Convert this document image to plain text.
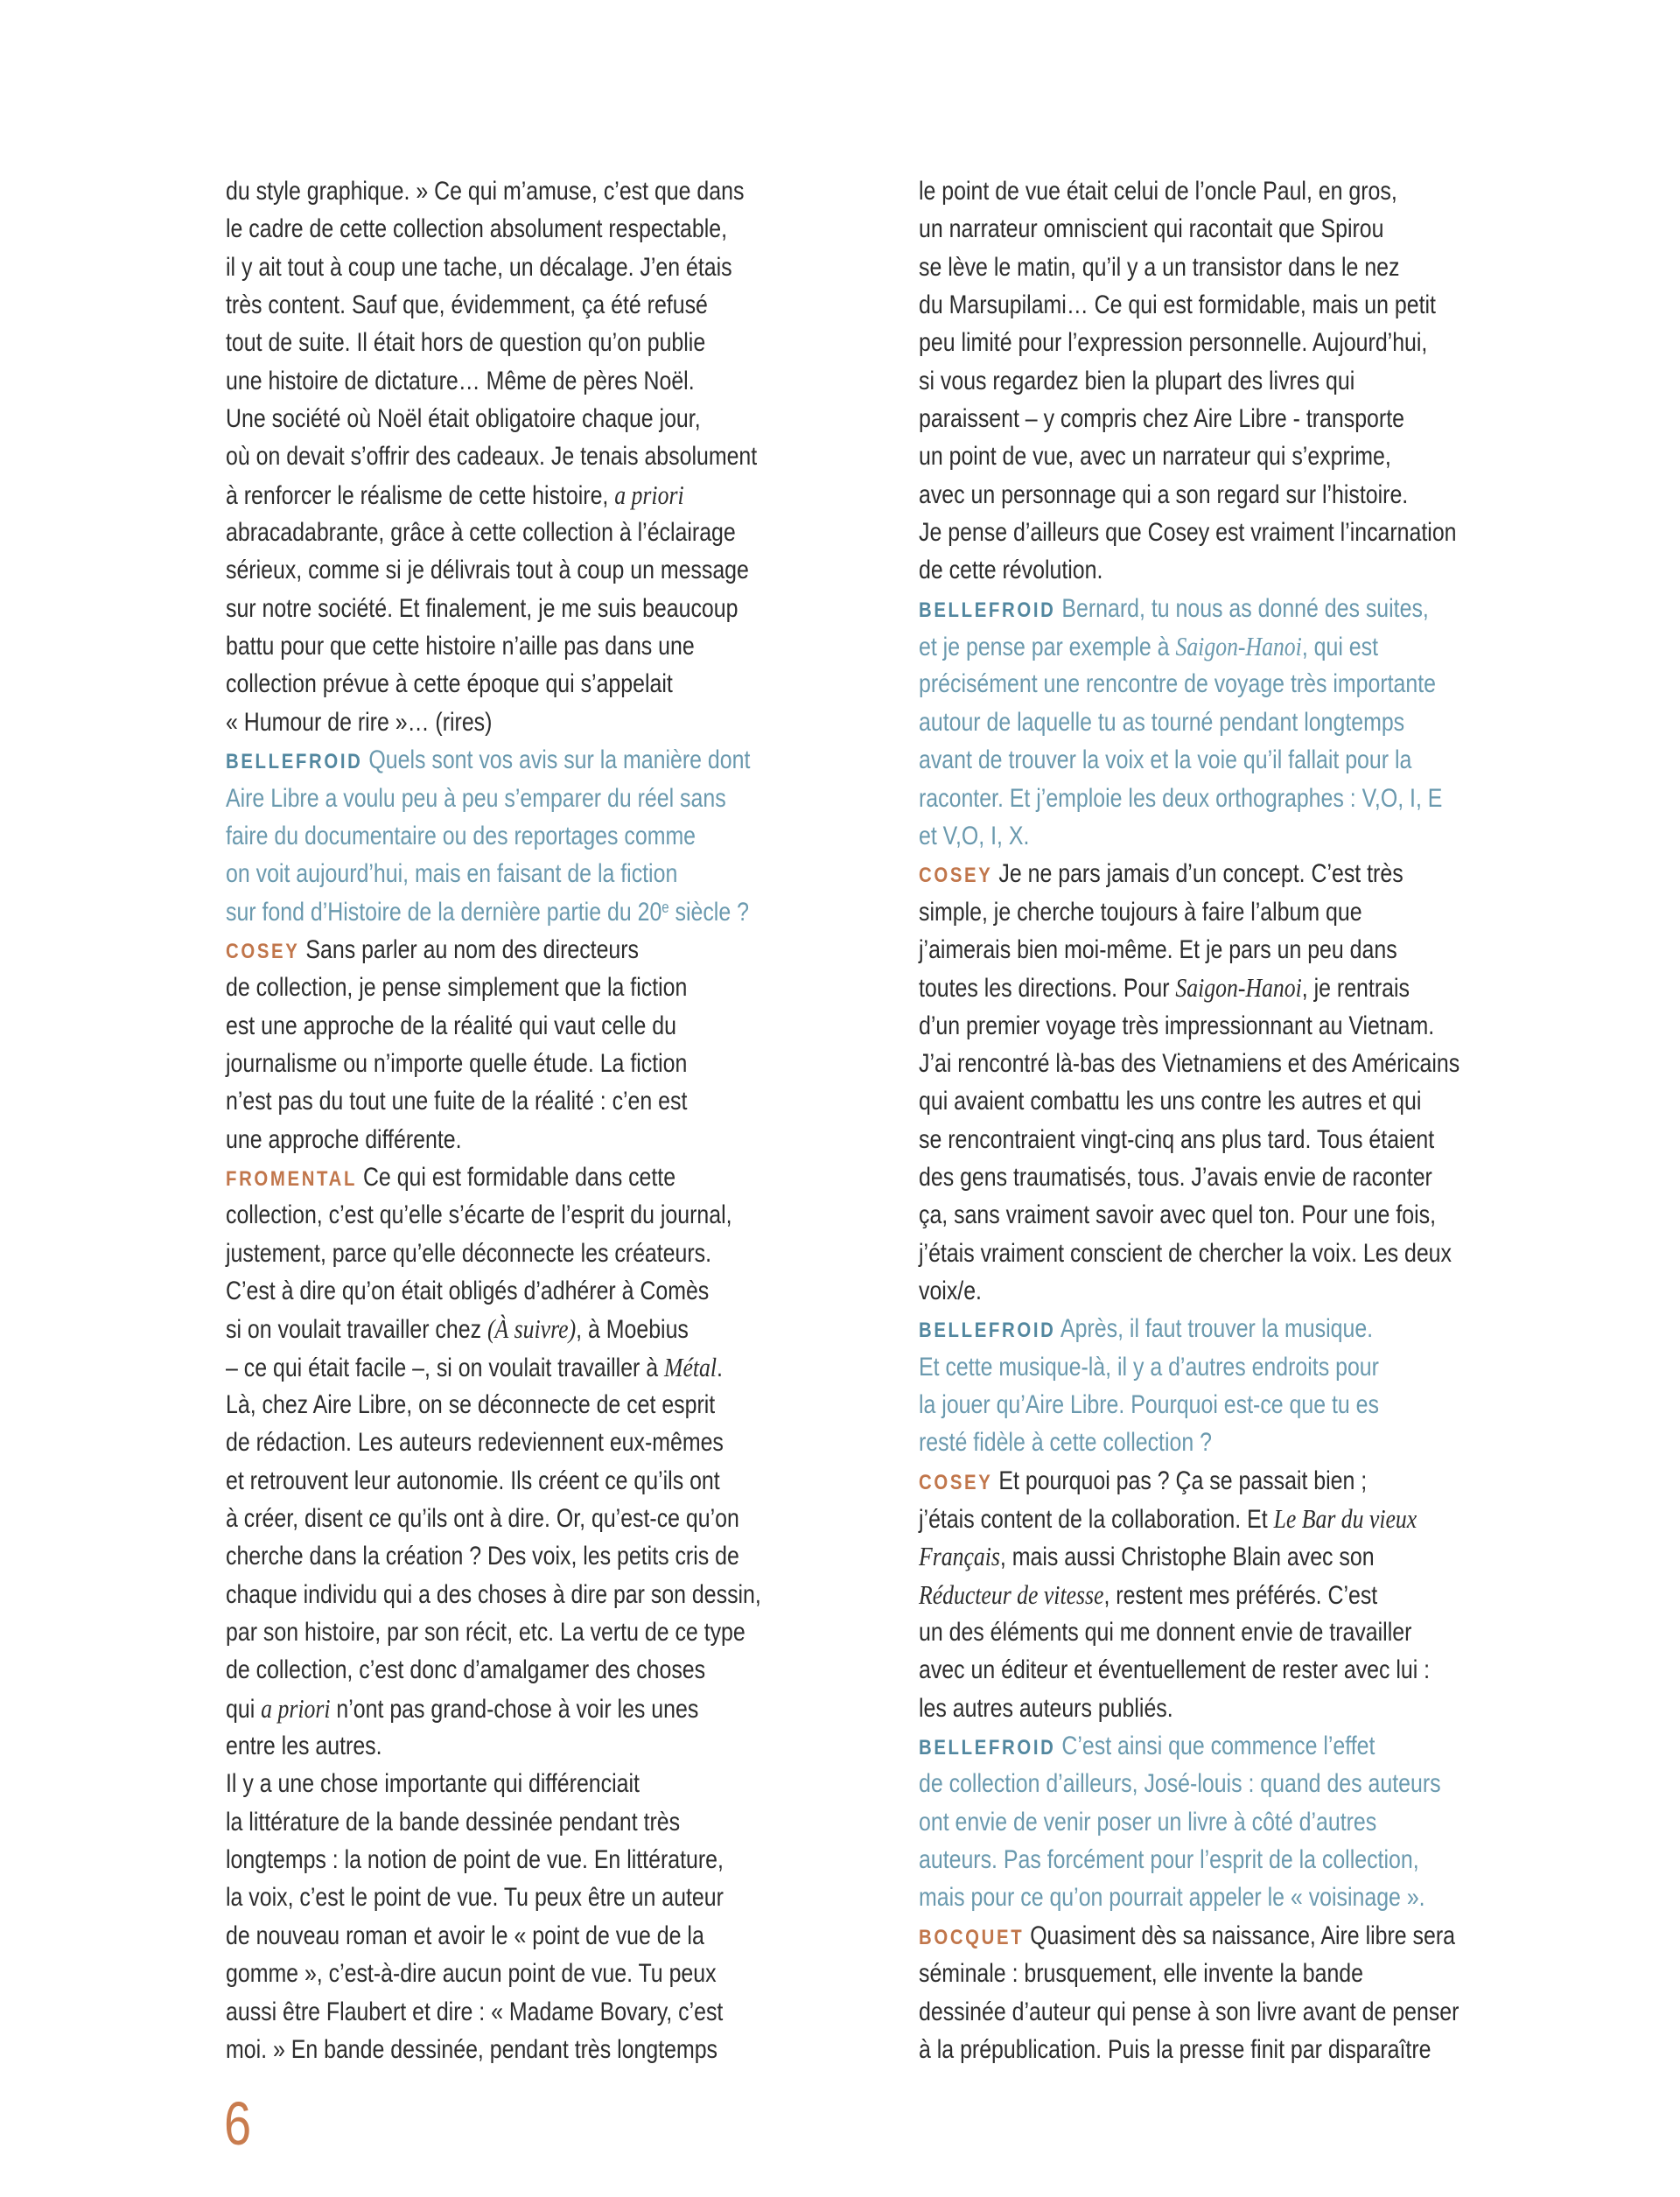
du style graphique. » Ce qui m’amuse, c’est que dans
le cadre de cette collection absolument respectable,
il y ait tout à coup une tache, un décalage. J’en étais
très content. Sauf que, évidemment, ça été refusé
tout de suite. Il était hors de question qu’on publie
une histoire de dictature… Même de pères Noël.
Une société où Noël était obligatoire chaque jour,
où on devait s’offrir des cadeaux. Je tenais absolument
à renforcer le réalisme de cette histoire, a priori
abracadabrante, grâce à cette collection à l’éclairage
sérieux, comme si je délivrais tout à coup un message
sur notre société. Et finalement, je me suis beaucoup
battu pour que cette histoire n’aille pas dans une
collection prévue à cette époque qui s’appelait
« Humour de rire »… (rires)
BELLEFROID Quels sont vos avis sur la manière dont
Aire Libre a voulu peu à peu s’emparer du réel sans
faire du documentaire ou des reportages comme
on voit aujourd’hui, mais en faisant de la fiction
sur fond d’Histoire de la dernière partie du 20e siècle ?
COSEY Sans parler au nom des directeurs
de collection, je pense simplement que la fiction
est une approche de la réalité qui vaut celle du
journalisme ou n’importe quelle étude. La fiction
n’est pas du tout une fuite de la réalité : c’en est
une approche différente.
FROMENTAL Ce qui est formidable dans cette
collection, c’est qu’elle s’écarte de l’esprit du journal,
justement, parce qu’elle déconnecte les créateurs.
C’est à dire qu’on était obligés d’adhérer à Comès
si on voulait travailler chez (À suivre), à Moebius
– ce qui était facile –, si on voulait travailler à Métal.
Là, chez Aire Libre, on se déconnecte de cet esprit
de rédaction. Les auteurs redeviennent eux-mêmes
et retrouvent leur autonomie. Ils créent ce qu’ils ont
à créer, disent ce qu’ils ont à dire. Or, qu’est-ce qu’on
cherche dans la création ? Des voix, les petits cris de
chaque individu qui a des choses à dire par son dessin,
par son histoire, par son récit, etc. La vertu de ce type
de collection, c’est donc d’amalgamer des choses
qui a priori n’ont pas grand-chose à voir les unes
entre les autres.
Il y a une chose importante qui différenciait
la littérature de la bande dessinée pendant très
longtemps : la notion de point de vue. En littérature,
la voix, c’est le point de vue. Tu peux être un auteur
de nouveau roman et avoir le « point de vue de la
gomme », c’est-à-dire aucun point de vue. Tu peux
aussi être Flaubert et dire : « Madame Bovary, c’est
moi. » En bande dessinée, pendant très longtemps
le point de vue était celui de l’oncle Paul, en gros,
un narrateur omniscient qui racontait que Spirou
se lève le matin, qu’il y a un transistor dans le nez
du Marsupilami… Ce qui est formidable, mais un petit
peu limité pour l’expression personnelle. Aujourd’hui,
si vous regardez bien la plupart des livres qui
paraissent – y compris chez Aire Libre - transporte
un point de vue, avec un narrateur qui s’exprime,
avec un personnage qui a son regard sur l’histoire.
Je pense d’ailleurs que Cosey est vraiment l’incarnation
de cette révolution.
BELLEFROID Bernard, tu nous as donné des suites,
et je pense par exemple à Saigon-Hanoi, qui est
précisément une rencontre de voyage très importante
autour de laquelle tu as tourné pendant longtemps
avant de trouver la voix et la voie qu’il fallait pour la
raconter. Et j’emploie les deux orthographes : V,O, I, E
et V,O, I, X.
COSEY Je ne pars jamais d’un concept. C’est très
simple, je cherche toujours à faire l’album que
j’aimerais bien moi-même. Et je pars un peu dans
toutes les directions. Pour Saigon-Hanoi, je rentrais
d’un premier voyage très impressionnant au Vietnam.
J’ai rencontré là-bas des Vietnamiens et des Américains
qui avaient combattu les uns contre les autres et qui
se rencontraient vingt-cinq ans plus tard. Tous étaient
des gens traumatisés, tous. J’avais envie de raconter
ça, sans vraiment savoir avec quel ton. Pour une fois,
j’étais vraiment conscient de chercher la voix. Les deux
voix/e.
BELLEFROID Après, il faut trouver la musique.
Et cette musique-là, il y a d’autres endroits pour
la jouer qu’Aire Libre. Pourquoi est-ce que tu es
resté fidèle à cette collection ?
COSEY Et pourquoi pas ? Ça se passait bien ;
j’étais content de la collaboration. Et Le Bar du vieux
Français, mais aussi Christophe Blain avec son
Réducteur de vitesse, restent mes préférés. C’est
un des éléments qui me donnent envie de travailler
avec un éditeur et éventuellement de rester avec lui :
les autres auteurs publiés.
BELLEFROID C’est ainsi que commence l’effet
de collection d’ailleurs, José-louis : quand des auteurs
ont envie de venir poser un livre à côté d’autres
auteurs. Pas forcément pour l’esprit de la collection,
mais pour ce qu’on pourrait appeler le « voisinage ».
BOCQUET Quasiment dès sa naissance, Aire libre sera
séminale : brusquement, elle invente la bande
dessinée d’auteur qui pense à son livre avant de penser
à la prépublication. Puis la presse finit par disparaître
6
